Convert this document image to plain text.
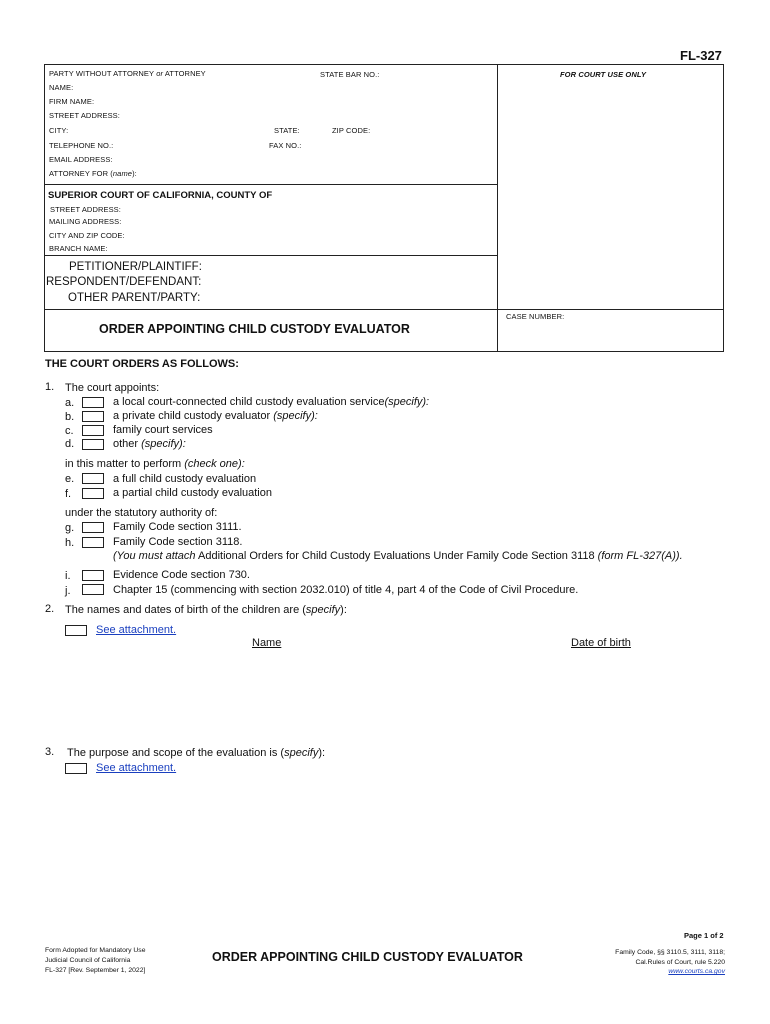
FL-327
PARTY WITHOUT ATTORNEY or ATTORNEY	STATE BAR NO.:	FOR COURT USE ONLY
NAME:
FIRM NAME:
STREET ADDRESS:
CITY:	STATE:	ZIP CODE:
TELEPHONE NO.:	FAX NO.:
EMAIL ADDRESS:
ATTORNEY FOR (name):
SUPERIOR COURT OF CALIFORNIA, COUNTY OF
STREET ADDRESS:
MAILING ADDRESS:
CITY AND ZIP CODE:
BRANCH NAME:
PETITIONER/PLAINTIFF:
RESPONDENT/DEFENDANT:
OTHER PARENT/PARTY:
ORDER APPOINTING CHILD CUSTODY EVALUATOR
CASE NUMBER:
THE COURT ORDERS AS FOLLOWS:
1. The court appoints:
a.	a local court-connected child custody evaluation service(specify):
b.	a private child custody evaluator (specify):
c.	family court services
d.	other (specify):
in this matter to perform (check one):
e.	a full child custody evaluation
f.	a partial child custody evaluation
under the statutory authority of:
g.	Family Code section 3111.
h.	Family Code section 3118.
(You must attach Additional Orders for Child Custody Evaluations Under Family Code Section 3118 (form FL-327(A)).
i.	Evidence Code section 730.
j.	Chapter 15 (commencing with section 2032.010) of title 4, part 4 of the Code of Civil Procedure.
2. The names and dates of birth of the children are (specify):
See attachment.
Name	Date of birth
3. The purpose and scope of the evaluation is (specify):
See attachment.
Page 1 of 2
Form Adopted for Mandatory Use
Judicial Council of California
FL-327 [Rev. September 1, 2022]
ORDER APPOINTING CHILD CUSTODY EVALUATOR	Family Code, §§ 3110.5, 3111, 3118;
Cal.Rules of Court, rule 5.220
www.courts.ca.gov
